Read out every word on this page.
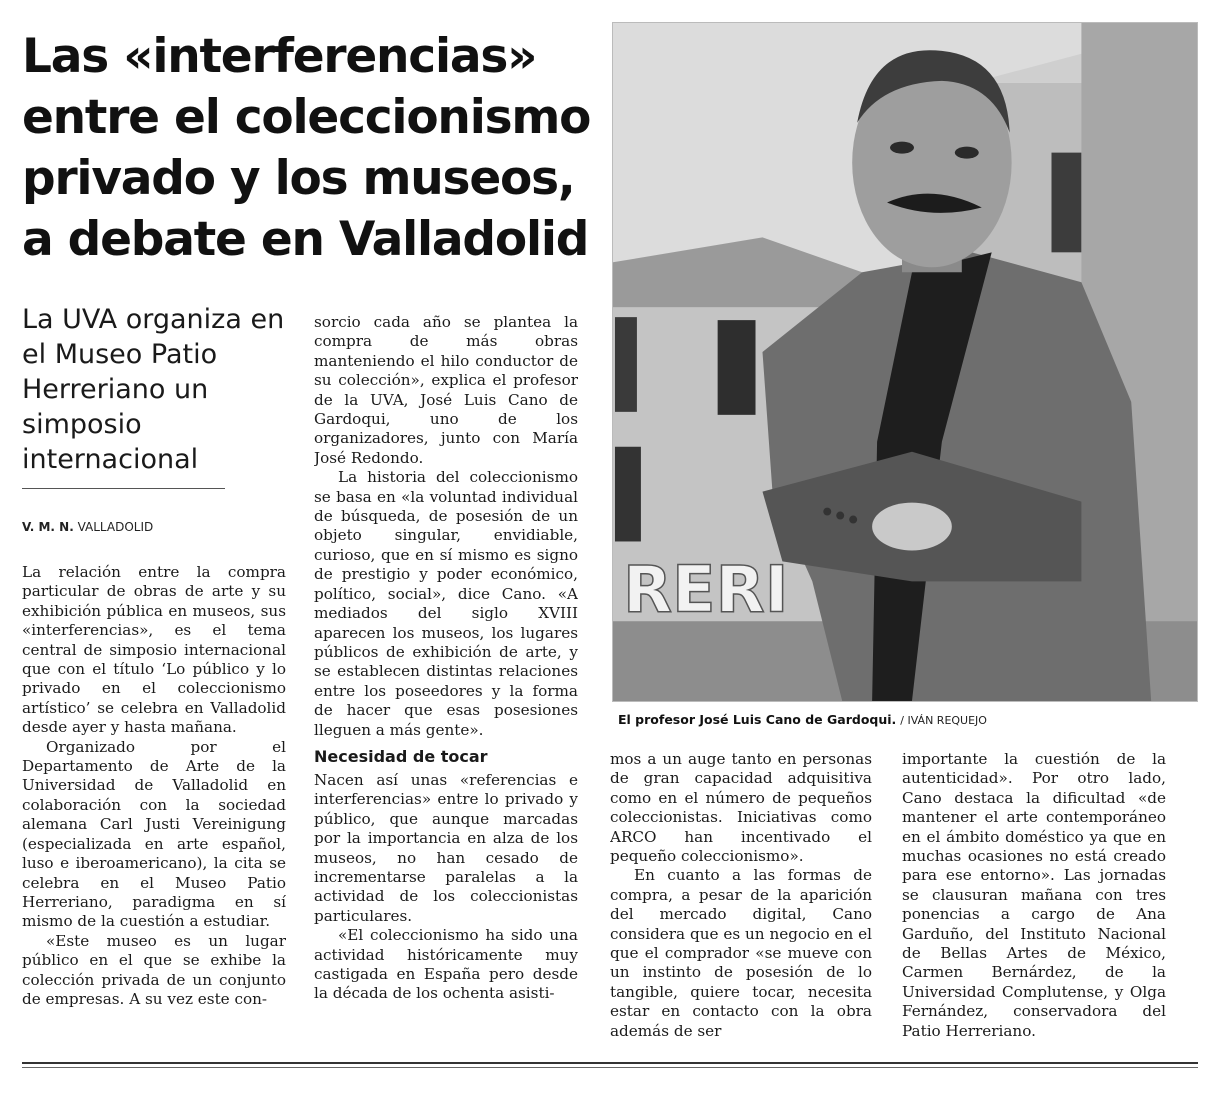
Las «interferencias»
entre el coleccionismo
privado y los museos,
a debate en Valladolid
La UVA organiza en el Museo Patio Herreriano un simposio internacional
V. M. N. VALLADOLID

La relación entre la compra particular de obras de arte y su exhibición pública en museos, sus «interferencias», es el tema central de simposio internacional que con el título ‘Lo público y lo privado en el coleccionismo artístico’ se celebra en Valladolid desde ayer y hasta mañana.

Organizado por el Departamento de Arte de la Universidad de Valladolid en colaboración con la sociedad alemana Carl Justi Vereinigung (especializada en arte español, luso e iberoamericano), la cita se celebra en el Museo Patio Herreriano, paradigma en sí mismo de la cuestión a estudiar.

«Este museo es un lugar público en el que se exhibe la colección privada de un conjunto de empresas. A su vez este con-

sorcio cada año se plantea la compra de más obras manteniendo el hilo conductor de su colección», explica el profesor de la UVA, José Luis Cano de Gardoqui, uno de los organizadores, junto con María José Redondo.

La historia del coleccionismo se basa en «la voluntad individual de búsqueda, de posesión de un objeto singular, envidiable, curioso, que en sí mismo es signo de prestigio y poder económico, político, social», dice Cano. «A mediados del siglo XVIII aparecen los museos, los lugares públicos de exhibición de arte, y se establecen distintas relaciones entre los poseedores y la forma de hacer que esas posesiones lleguen a más gente».

Necesidad de tocar

Nacen así unas «referencias e interferencias» entre lo privado y público, que aunque marcadas por la importancia en alza de los museos, no han cesado de incrementarse paralelas a la actividad de los coleccionistas particulares.

«El coleccionismo ha sido una actividad históricamente muy castigada en España pero desde la década de los ochenta asisti-

RERI
El profesor José Luis Cano de Gardoqui. / IVÁN REQUEJO

mos a un auge tanto en personas de gran capacidad adquisitiva como en el número de pequeños coleccionistas. Iniciativas como ARCO han incentivado el pequeño coleccionismo».

En cuanto a las formas de compra, a pesar de la aparición del mercado digital, Cano considera que es un negocio en el que el comprador «se mueve con un instinto de posesión de lo tangible, quiere tocar, necesita estar en contacto con la obra además de ser

importante la cuestión de la autenticidad». Por otro lado, Cano destaca la dificultad «de mantener el arte contemporáneo en el ámbito doméstico ya que en muchas ocasiones no está creado para ese entorno». Las jornadas se clausuran mañana con tres ponencias a cargo de Ana Garduño, del Instituto Nacional de Bellas Artes de México, Carmen Bernárdez, de la Universidad Complutense, y Olga Fernández, conservadora del Patio Herreriano.
